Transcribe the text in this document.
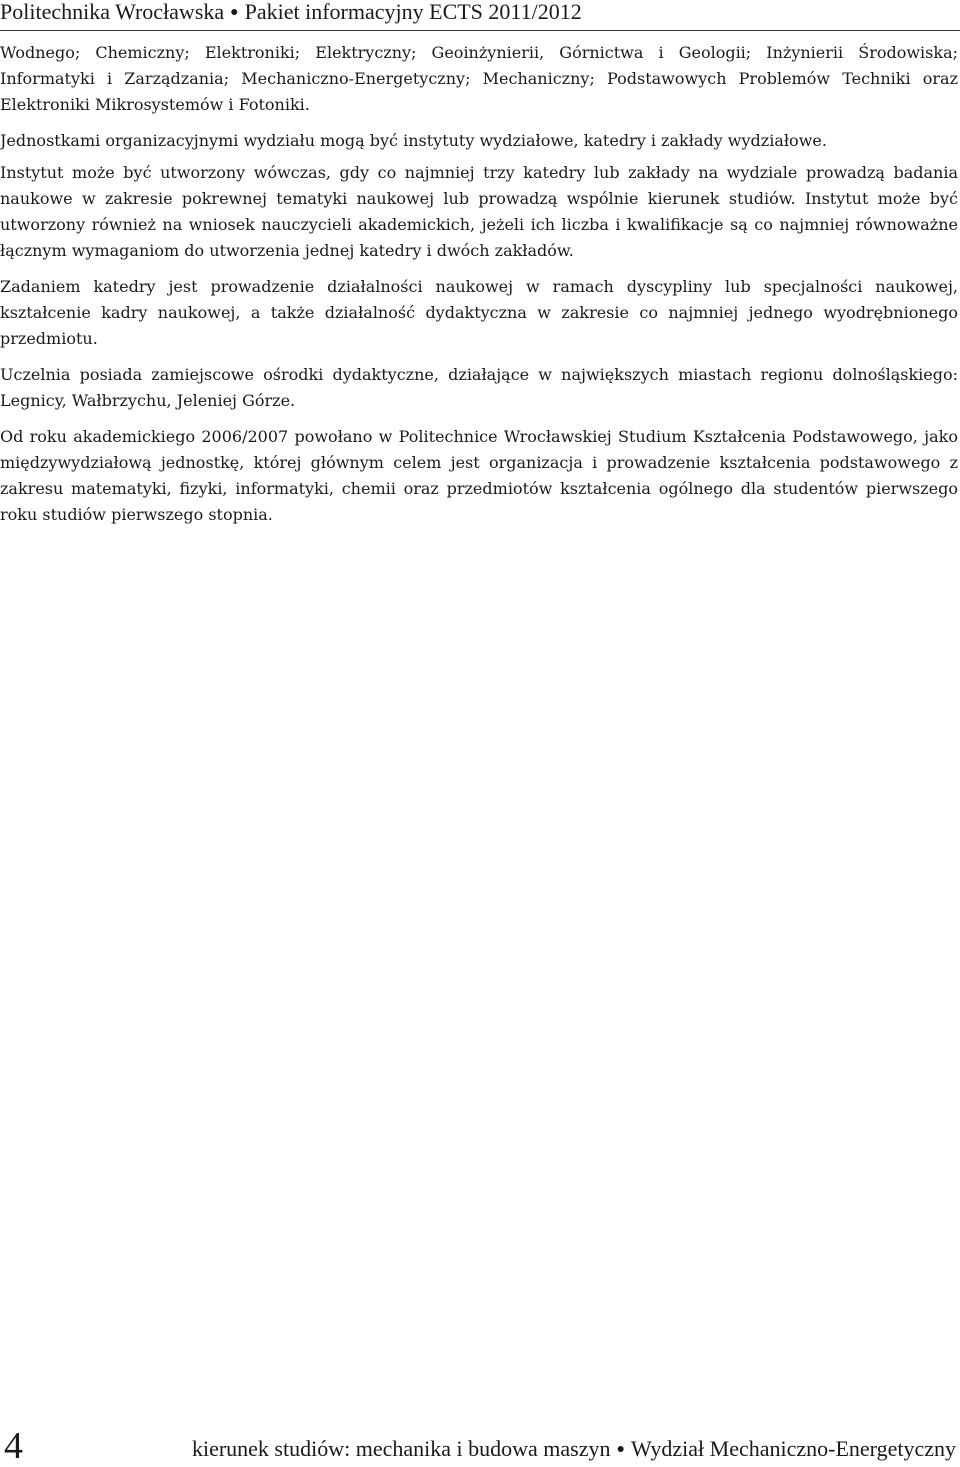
Politechnika Wrocławska ● Pakiet informacyjny ECTS 2011/2012

Wodnego; Chemiczny; Elektroniki; Elektryczny; Geoinżynierii, Górnictwa i Geologii; Inżynierii Środowiska; Informatyki i Zarządzania; Mechaniczno-Energetyczny; Mechaniczny; Podstawowych Problemów Techniki oraz Elektroniki Mikrosystemów i Fotoniki.

Jednostkami organizacyjnymi wydziału mogą być instytuty wydziałowe, katedry i zakłady wydziałowe.

Instytut może być utworzony wówczas, gdy co najmniej trzy katedry lub zakłady na wydziale prowadzą badania naukowe w zakresie pokrewnej tematyki naukowej lub prowadzą wspólnie kierunek studiów. Instytut może być utworzony również na wniosek nauczycieli akademickich, jeżeli ich liczba i kwalifikacje są co najmniej równoważne łącznym wymaganiom do utworzenia jednej katedry i dwóch zakładów.

Zadaniem katedry jest prowadzenie działalności naukowej w ramach dyscypliny lub specjalności naukowej, kształcenie kadry naukowej, a także działalność dydaktyczna w zakresie co najmniej jednego wyodrębnionego przedmiotu.

Uczelnia posiada zamiejscowe ośrodki dydaktyczne, działające w największych miastach regionu dolnośląskiego: Legnicy, Wałbrzychu, Jeleniej Górze.

Od roku akademickiego 2006/2007 powołano w Politechnice Wrocławskiej Studium Kształcenia Podstawowego, jako międzywydziałową jednostkę, której głównym celem jest organizacja i prowadzenie kształcenia podstawowego z zakresu matematyki, fizyki, informatyki, chemii oraz przedmiotów kształcenia ogólnego dla studentów pierwszego roku studiów pierwszego stopnia.

4	kierunek studiów: mechanika i budowa maszyn ● Wydział Mechaniczno-Energetyczny
